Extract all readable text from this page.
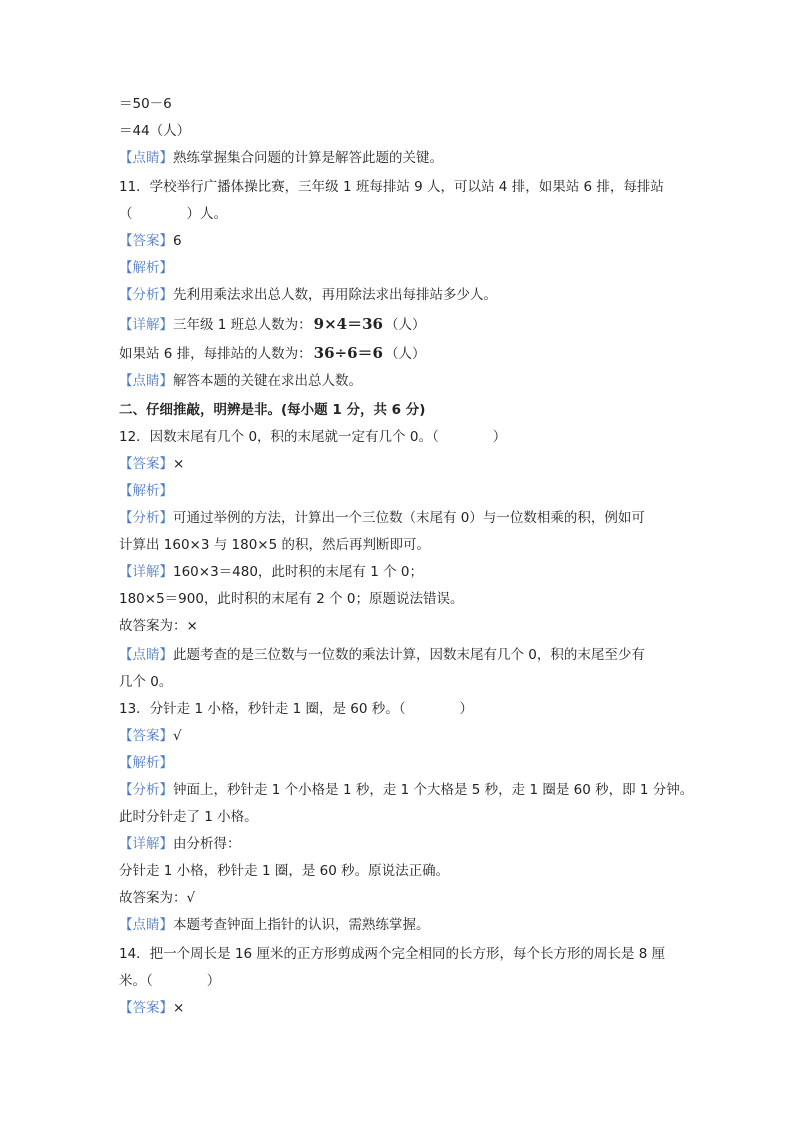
＝50－6
＝44（人）
【点睛】熟练掌握集合问题的计算是解答此题的关键。
11．学校举行广播体操比赛，三年级 1 班每排站 9 人，可以站 4 排，如果站 6 排，每排站
（　　　　）人。
【答案】6
【解析】
【分析】先利用乘法求出总人数，再用除法求出每排站多少人。
【详解】三年级 1 班总人数为： 9×4＝36 （人）
如果站 6 排，每排站的人数为： 36÷6＝6 （人）
【点睛】解答本题的关键在求出总人数。
二、仔细推敲，明辨是非。(每小题 1 分，共 6 分)
12．因数末尾有几个 0，积的末尾就一定有几个 0。（　　　　）
【答案】×
【解析】
【分析】可通过举例的方法，计算出一个三位数（末尾有 0）与一位数相乘的积，例如可
计算出 160×3 与 180×5 的积，然后再判断即可。
【详解】160×3＝480，此时积的末尾有 1 个 0；
180×5＝900，此时积的末尾有 2 个 0；原题说法错误。
故答案为：×
【点睛】此题考查的是三位数与一位数的乘法计算，因数末尾有几个 0，积的末尾至少有
几个 0。
13．分针走 1 小格，秒针走 1 圈，是 60 秒。（　　　　）
【答案】√
【解析】
【分析】钟面上，秒针走 1 个小格是 1 秒，走 1 个大格是 5 秒，走 1 圈是 60 秒，即 1 分钟。
此时分针走了 1 小格。
【详解】由分析得：
分针走 1 小格，秒针走 1 圈，是 60 秒。原说法正确。
故答案为：√
【点睛】本题考查钟面上指针的认识，需熟练掌握。
14．把一个周长是 16 厘米的正方形剪成两个完全相同的长方形，每个长方形的周长是 8 厘
米。（　　　　）
【答案】×
